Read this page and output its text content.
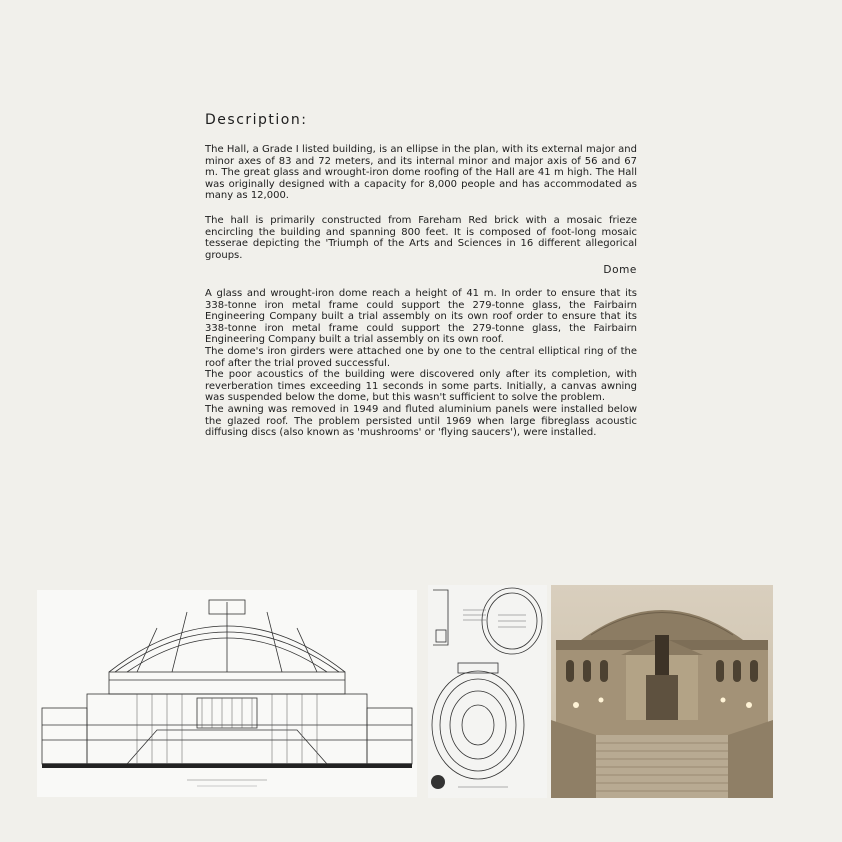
Description:

The Hall, a Grade I listed building, is an ellipse in the plan, with its external major and minor axes of 83 and 72 meters, and its internal minor and major axis of 56 and 67 m. The great glass and wrought-iron dome roofing of the Hall are 41 m high. The Hall was originally designed with a capacity for 8,000 people and has accommodated as many as 12,000.

The hall is primarily constructed from Fareham Red brick with a mosaic frieze encircling the building and spanning 800 feet. It is composed of foot-long mosaic tesserae depicting the 'Triumph of the Arts and Sciences in 16 different allegorical groups.

Dome

A glass and wrought-iron dome reach a height of 41 m. In order to ensure that its 338-tonne iron metal frame could support the 279-tonne glass, the Fairbairn Engineering Company built a trial assembly on its own roof order to ensure that its 338-tonne iron metal frame could support the 279-tonne glass, the Fairbairn Engineering Company built a trial assembly on its own roof.

The dome's iron girders were attached one by one to the central elliptical ring of the roof after the trial proved successful.

The poor acoustics of the building were discovered only after its completion, with reverberation times exceeding 11 seconds in some parts. Initially, a canvas awning was suspended below the dome, but this wasn't sufficient to solve the problem.

The awning was removed in 1949 and fluted aluminium panels were installed below the glazed roof. The problem persisted until 1969 when large fibreglass acoustic diffusing discs (also known as 'mushrooms' or 'flying saucers'), were installed.
